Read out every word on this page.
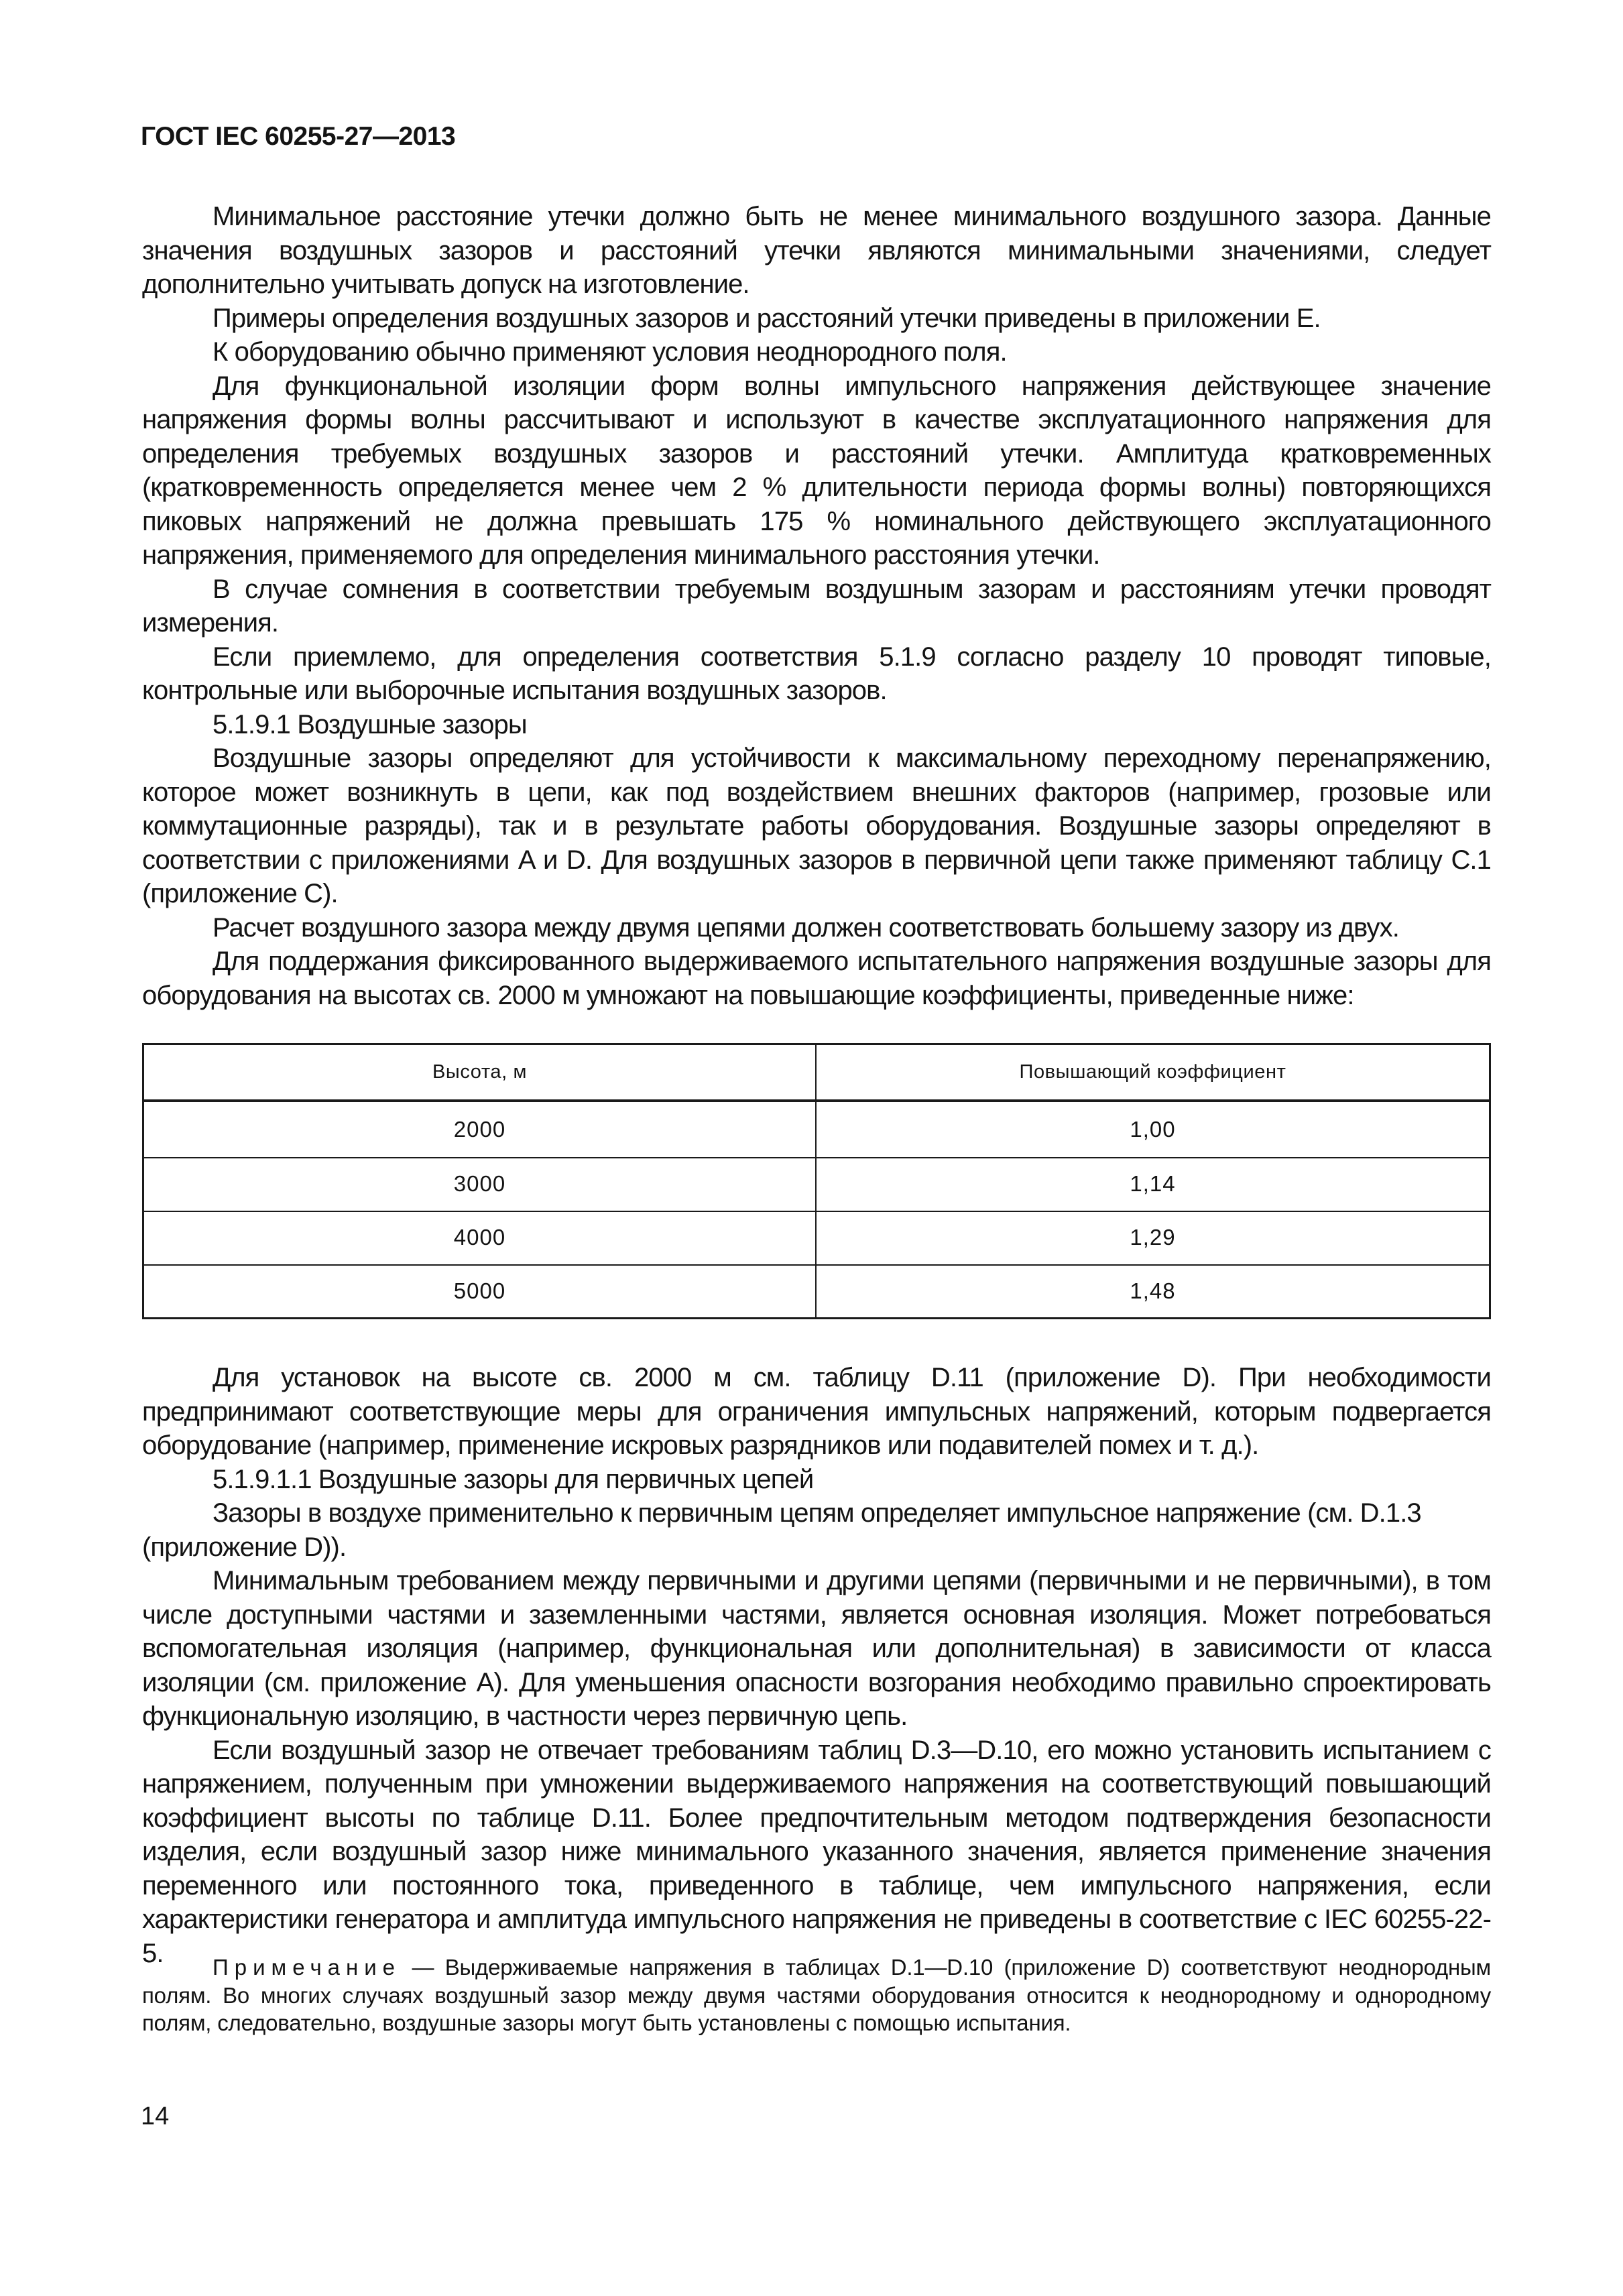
ГОСТ IEC 60255-27—2013

Минимальное расстояние утечки должно быть не менее минимального воздушного зазора. Данные значения воздушных зазоров и расстояний утечки являются минимальными значениями, следует дополнительно учитывать допуск на изготовление.

Примеры определения воздушных зазоров и расстояний утечки приведены в приложении E.

К оборудованию обычно применяют условия неоднородного поля.

Для функциональной изоляции форм волны импульсного напряжения действующее значение напряжения формы волны рассчитывают и используют в качестве эксплуатационного напряжения для определения требуемых воздушных зазоров и расстояний утечки. Амплитуда кратковременных (кратковременность определяется менее чем 2 % длительности периода формы волны) повторяющихся пиковых напряжений не должна превышать 175 % номинального действующего эксплуатационного напряжения, применяемого для определения минимального расстояния утечки.

В случае сомнения в соответствии требуемым воздушным зазорам и расстояниям утечки проводят измерения.

Если приемлемо, для определения соответствия 5.1.9 согласно разделу 10 проводят типовые, контрольные или выборочные испытания воздушных зазоров.

5.1.9.1 Воздушные зазоры

Воздушные зазоры определяют для устойчивости к максимальному переходному перенапряжению, которое может возникнуть в цепи, как под воздействием внешних факторов (например, грозовые или коммутационные разряды), так и в результате работы оборудования. Воздушные зазоры определяют в соответствии с приложениями A и D. Для воздушных зазоров в первичной цепи также применяют таблицу С.1 (приложение С).

Расчет воздушного зазора между двумя цепями должен соответствовать большему зазору из двух.

Для поддержания фиксированного выдерживаемого испытательного напряжения воздушные зазоры для оборудования на высотах св. 2000 м умножают на повышающие коэффициенты, приведенные ниже:

Высота, м	Повышающий коэффициент
2000	1,00
3000	1,14
4000	1,29
5000	1,48

Для установок на высоте св. 2000 м см. таблицу D.11 (приложение D). При необходимости предпринимают соответствующие меры для ограничения импульсных напряжений, которым подвергается оборудование (например, применение искровых разрядников или подавителей помех и т. д.).

5.1.9.1.1 Воздушные зазоры для первичных цепей

Зазоры в воздухе применительно к первичным цепям определяет импульсное напряжение (см. D.1.3

(приложение D)).

Минимальным требованием между первичными и другими цепями (первичными и не первичными), в том числе доступными частями и заземленными частями, является основная изоляция. Может потребоваться вспомогательная изоляция (например, функциональная или дополнительная) в зависимости от класса изоляции (см. приложение A). Для уменьшения опасности возгорания необходимо правильно спроектировать функциональную изоляцию, в частности через первичную цепь.

Если воздушный зазор не отвечает требованиям таблиц D.3—D.10, его можно установить испытанием с напряжением, полученным при умножении выдерживаемого напряжения на соответствующий повышающий коэффициент высоты по таблице D.11. Более предпочтительным методом подтверждения безопасности изделия, если воздушный зазор ниже минимального указанного значения, является применение значения переменного или постоянного тока, приведенного в таблице, чем импульсного напряжения, если характеристики генератора и амплитуда импульсного напряжения не приведены в соответствие с IEC 60255-22-5.	Примечание — Выдерживаемые напряжения в таблицах D.1—D.10 (приложение D) соответствуют неоднородным полям. Во многих случаях воздушный зазор между двумя частями оборудования относится к неоднородному и однородному полям, следовательно, воздушные зазоры могут быть установлены с помощью испытания.

14
